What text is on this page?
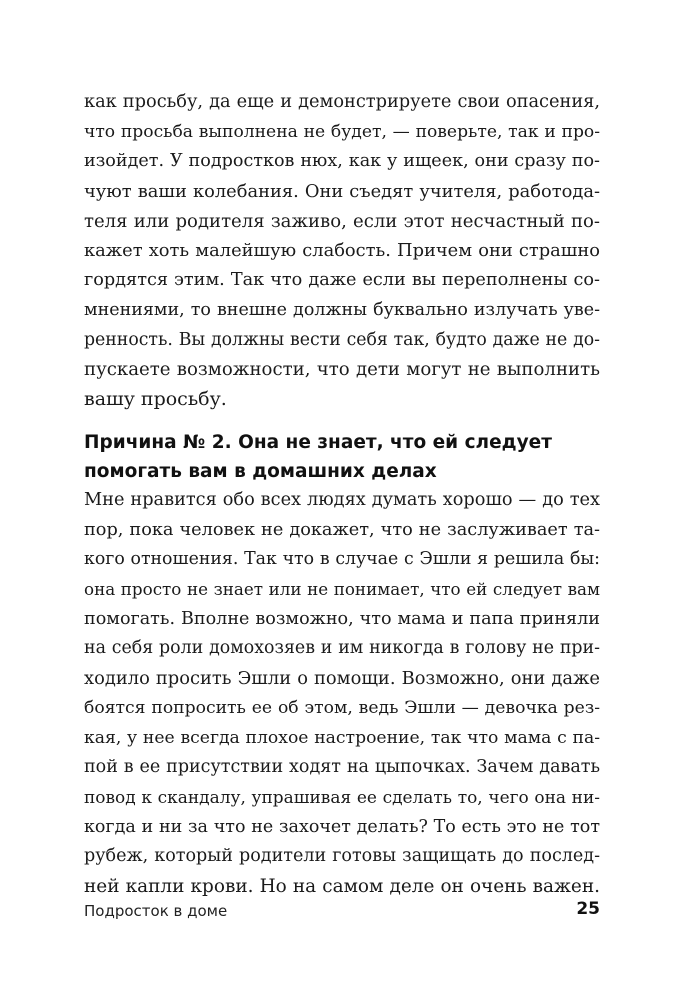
как просьбу, да еще и демонстрируете свои опасения,
что просьба выполнена не будет, — поверьте, так и про-
изойдет. У подростков нюх, как у ищеек, они сразу по-
чуют ваши колебания. Они съедят учителя, работода-
теля или родителя заживо, если этот несчастный по-
кажет хоть малейшую слабость. Причем они страшно
гордятся этим. Так что даже если вы переполнены со-
мнениями, то внешне должны буквально излучать уве-
ренность. Вы должны вести себя так, будто даже не до-
пускаете возможности, что дети могут не выполнить
вашу просьбу.
Причина № 2. Она не знает, что ей следует
помогать вам в домашних делах
Мне нравится обо всех людях думать хорошо — до тех
пор, пока человек не докажет, что не заслуживает та-
кого отношения. Так что в случае с Эшли я решила бы:
она просто не знает или не понимает, что ей следует вам
помогать. Вполне возможно, что мама и папа приняли
на себя роли домохозяев и им никогда в голову не при-
ходило просить Эшли о помощи. Возможно, они даже
боятся попросить ее об этом, ведь Эшли — девочка рез-
кая, у нее всегда плохое настроение, так что мама с па-
пой в ее присутствии ходят на цыпочках. Зачем давать
повод к скандалу, упрашивая ее сделать то, чего она ни-
когда и ни за что не захочет делать? То есть это не тот
рубеж, который родители готовы защищать до послед-
ней капли крови. Но на самом деле он очень важен.
Подросток в доме	25
